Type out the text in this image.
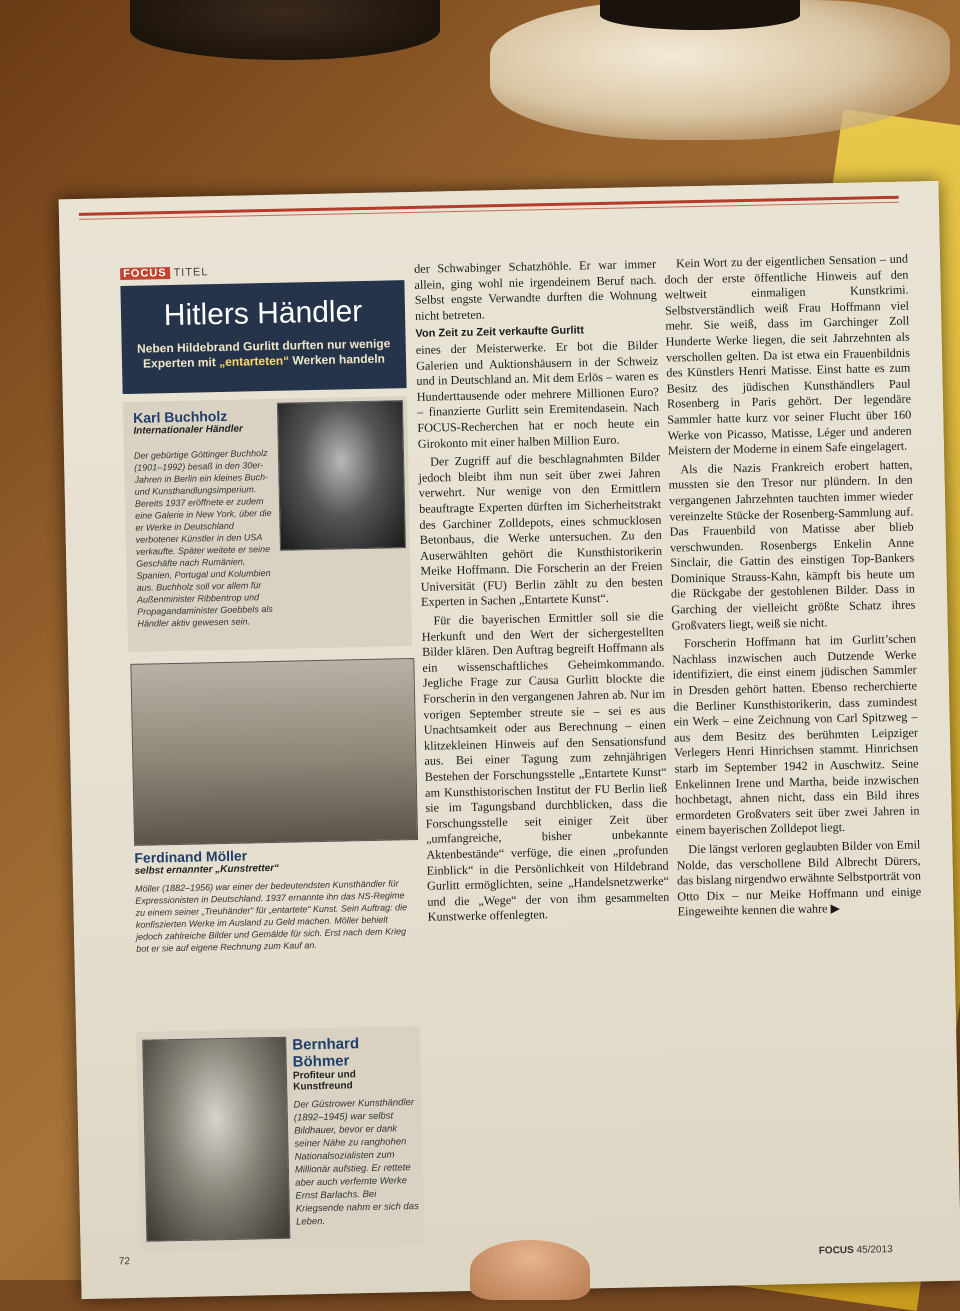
FOCUS TITEL
Hitlers Händler
Neben Hildebrand Gurlitt durften nur wenige Experten mit „entarteten“ Werken handeln
Karl Buchholz
Internationaler Händler
Der gebürtige Göttinger Buchholz (1901–1992) besaß in den 30er-Jahren in Berlin ein kleines Buch- und Kunsthandlungsimperium. Bereits 1937 eröffnete er zudem eine Galerie in New York, über die er Werke in Deutschland verbotener Künstler in den USA verkaufte. Später weitete er seine Geschäfte nach Rumänien, Spanien, Portugal und Kolumbien aus. Buchholz soll vor allem für Außenminister Ribbentrop und Propagandaminister Goebbels als Händler aktiv gewesen sein.
Ferdinand Möller
selbst ernannter „Kunstretter“
Möller (1882–1956) war einer der bedeutendsten Kunsthändler für Expressionisten in Deutschland. 1937 ernannte ihn das NS-Regime zu einem seiner „Treuhänder“ für „entartete“ Kunst. Sein Auftrag: die konfiszierten Werke im Ausland zu Geld machen. Möller behielt jedoch zahlreiche Bilder und Gemälde für sich. Erst nach dem Krieg bot er sie auf eigene Rechnung zum Kauf an.
Bernhard Böhmer
Profiteur und Kunstfreund
Der Güstrower Kunsthändler (1892–1945) war selbst Bildhauer, bevor er dank seiner Nähe zu ranghohen Nationalsozialisten zum Millionär aufstieg. Er rettete aber auch verfemte Werke Ernst Barlachs. Bei Kriegsende nahm er sich das Leben.

der Schwabinger Schatzhöhle. Er war immer allein, ging wohl nie irgendeinem Beruf nach. Selbst engste Verwandte durften die Wohnung nicht betreten.

Von Zeit zu Zeit verkaufte Gurlitt

eines der Meisterwerke. Er bot die Bilder Galerien und Auktionshäusern in der Schweiz und in Deutschland an. Mit dem Erlös – waren es Hunderttausende oder mehrere Millionen Euro? – finanzierte Gurlitt sein Eremitendasein. Nach FOCUS-Recherchen hat er noch heute ein Girokonto mit einer halben Million Euro.

Der Zugriff auf die beschlagnahmten Bilder jedoch bleibt ihm nun seit über zwei Jahren verwehrt. Nur wenige von den Ermittlern beauftragte Experten dürften im Sicherheitstrakt des Garchiner Zolldepots, eines schmucklosen Betonbaus, die Werke untersuchen. Zu den Auserwählten gehört die Kunsthistorikerin Meike Hoffmann. Die Forscherin an der Freien Universität (FU) Berlin zählt zu den besten Experten in Sachen „Entartete Kunst“.

Für die bayerischen Ermittler soll sie die Herkunft und den Wert der sichergestellten Bilder klären. Den Auftrag begreift Hoffmann als ein wissenschaftliches Geheimkommando. Jegliche Frage zur Causa Gurlitt blockte die Forscherin in den vergangenen Jahren ab. Nur im vorigen September streute sie – sei es aus Unachtsamkeit oder aus Berechnung – einen klitzekleinen Hinweis auf den Sensationsfund aus. Bei einer Tagung zum zehnjährigen Bestehen der Forschungsstelle „Entartete Kunst“ am Kunsthistorischen Institut der FU Berlin ließ sie im Tagungsband durchblicken, dass die Forschungsstelle seit einiger Zeit über „umfangreiche, bisher unbekannte Aktenbestände“ verfüge, die einen „profunden Einblick“ in die Persönlichkeit von Hildebrand Gurlitt ermöglichten, seine „Handelsnetzwerke“ und die „Wege“ der von ihm gesammelten Kunstwerke offenlegten.

Kein Wort zu der eigentlichen Sensation – und doch der erste öffentliche Hinweis auf den weltweit einmaligen Kunstkrimi. Selbstverständlich weiß Frau Hoffmann viel mehr. Sie weiß, dass im Garchinger Zoll Hunderte Werke liegen, die seit Jahrzehnten als verschollen gelten. Da ist etwa ein Frauenbildnis des Künstlers Henri Matisse. Einst hatte es zum Besitz des jüdischen Kunsthändlers Paul Rosenberg in Paris gehört. Der legendäre Sammler hatte kurz vor seiner Flucht über 160 Werke von Picasso, Matisse, Léger und anderen Meistern der Moderne in einem Safe eingelagert.

Als die Nazis Frankreich erobert hatten, mussten sie den Tresor nur plündern. In den vergangenen Jahrzehnten tauchten immer wieder vereinzelte Stücke der Rosenberg-Sammlung auf. Das Frauenbild von Matisse aber blieb verschwunden. Rosenbergs Enkelin Anne Sinclair, die Gattin des einstigen Top-Bankers Dominique Strauss-Kahn, kämpft bis heute um die Rückgabe der gestohlenen Bilder. Dass in Garching der vielleicht größte Schatz ihres Großvaters liegt, weiß sie nicht.

Forscherin Hoffmann hat im Gurlitt’schen Nachlass inzwischen auch Dutzende Werke identifiziert, die einst einem jüdischen Sammler in Dresden gehört hatten. Ebenso recherchierte die Berliner Kunsthistorikerin, dass zumindest ein Werk – eine Zeichnung von Carl Spitzweg – aus dem Besitz des berühmten Leipziger Verlegers Henri Hinrichsen stammt. Hinrichsen starb im September 1942 in Auschwitz. Seine Enkelinnen Irene und Martha, beide inzwischen hochbetagt, ahnen nicht, dass ein Bild ihres ermordeten Großvaters seit über zwei Jahren in einem bayerischen Zolldepot liegt.

Die längst verloren geglaubten Bilder von Emil Nolde, das verschollene Bild Albrecht Dürers, das bislang nirgendwo erwähnte Selbstporträt von Otto Dix – nur Meike Hoffmann und einige Eingeweihte kennen die wahre ▶

72
FOCUS 45/2013
